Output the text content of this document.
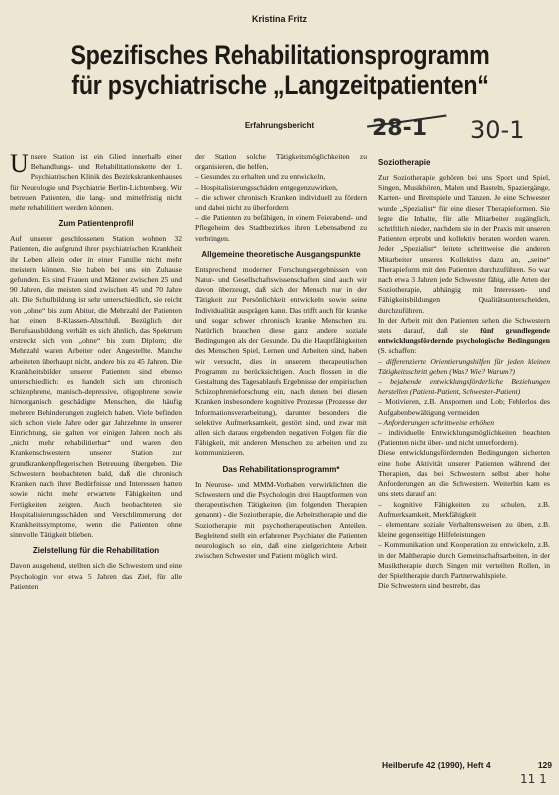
Kristina Fritz
Spezifisches Rehabilitationsprogramm
für psychiatrische „Langzeitpatienten“
Erfahrungsbericht	28-1 30-1

Unsere Station ist ein Glied innerhalb einer Behandlungs- und Rehabilitationskette der 1. Psychiatrischen Klinik des Bezirkskrankenhauses für Neurologie und Psychiatrie Berlin-Lichtenberg. Wir betreuen Patienten, die lang- und mittelfristig nicht mehr rehabilitiert werden können.

Zum Patientenprofil

Auf unserer geschlossenen Station wohnen 32 Patienten, die aufgrund ihrer psychiatrischen Krankheit ihr Leben allein oder in einer Familie nicht mehr meistern können. Sie haben bei uns ein Zuhause gefunden. Es sind Frauen und Männer zwischen 25 und 90 Jahren, die meisten sind zwischen 45 und 70 Jahre alt. Die Schulbildung ist sehr unterschiedlich, sie reicht von „ohne“ bis zum Abitur, die Mehrzahl der Patienten hat einen 8-Klassen-Abschluß. Bezüglich der Berufsausbildung verhält es sich ähnlich, das Spektrum erstreckt sich von „ohne“ bis zum Diplom; die Mehrzahl waren Arbeiter oder Angestellte. Manche arbeiteten überhaupt nicht, andere bis zu 45 Jahren. Die Krankheitsbilder unserer Patienten sind ebenso unterschiedlich: es handelt sich um chronisch schizophrene, manisch-depressive, oligophrene sowie hirnorganisch geschädigte Menschen, die häufig mehrere Behinderungen zugleich haben. Viele befinden sich schon viele Jahre oder gar Jahrzehnte in unserer Einrichtung, sie galten vor einigen Jahren noch als „nicht mehr rehabilitierbar“ und waren den Krankenschwestern unserer Station zur grundkrankenpflegerischen Betreuung übergeben. Die Schwestern beobachteten bald, daß die chronisch Kranken nach ihrer Bedürfnisse und Interessen hatten sowie nicht mehr erwartete Fähigkeiten und Fertigkeiten zeigten. Auch beobachteten sie Hospitalisierungsschäden und Verschlimmerung der Krankheitssymptome, wenn die Patienten ohne sinnvolle Tätigkeit blieben.

Zielstellung für die Rehabilitation

Davon ausgehend, stellten sich die Schwestern und eine Psychologin vor etwa 5 Jahren das Ziel, für alle Patienten

der Station solche Tätigkeitsmöglichkeiten zu organisieren, die helfen,

– Gesundes zu erhalten und zu entwickeln,

– Hospitalisierungsschäden entgegenzuwirken,

– die schwer chronisch Kranken individuell zu fördern und dabei nicht zu überfordern

– die Patienten zu befähigen, in einem Feierabend- und Pflegeheim des Stadtbezirkes ihren Lebensabend zu verbringen.

Allgemeine theoretische Ausgangspunkte

Entsprechend moderner Forschungsergebnissen von Natur- und Gesellschaftswissenschaften sind auch wir davon überzeugt, daß sich der Mensch nur in der Tätigkeit zur Persönlichkeit entwickeln sowie seine Individualität ausprägen kann. Das trifft auch für kranke und sogar schwer chronisch kranke Menschen zu. Natürlich brauchen diese ganz andere soziale Bedingungen als der Gesunde. Da die Hauptfähigkeiten des Menschen Spiel, Lernen und Arbeiten sind, haben wir versucht, dies in unserem therapeutischen Programm zu berücksichtigen. Auch flossen in die Gestaltung des Tagesablaufs Ergebnisse der empirischen Schizophrenieforschung ein, nach denen bei diesen Kranken insbesondere kognitive Prozesse (Prozesse der Informationsverarbeitung), darunter besonders die selektive Aufmerksamkeit, gestört sind, und zwar mit allen sich daraus ergebenden negativen Folgen für die Fähigkeit, mit anderen Menschen zu arbeiten und zu kommunizieren.

Das Rehabilitationsprogramm*

In Neurose- und MMM-Vorhaben verwirklichten die Schwestern und die Psychologin drei Hauptformen von therapeutischen Tätigkeiten (im folgenden Therapien genannt) - die Soziotherapie, die Arbeitstherapie und die Soziotherapie mit psychotherapeutischen Anteilen. Begleitend stellt ein erfahrener Psychiater die Patienten neurologisch so ein, daß eine zielgerichtete Arbeit zwischen Schwester und Patient möglich wird.

Soziotherapie

Zur Soziotherapie gehören bei uns Sport und Spiel, Singen, Musikhören, Malen und Basteln, Spaziergänge, Karten- und Brettspiele und Tanzen. Je eine Schwester wurde „Spezialist“ für eine dieser Therapieformen. Sie legte die Inhalte, für alle Mitarbeiter zugänglich, schriftlich nieder, nachdem sie in der Praxis mit unseren Patienten erprobt und kollektiv beraten worden waren. Jeder „Spezialist“ leitete schrittweise die anderen Mitarbeiter unseres Kollektivs dazu an, „seine“ Therapieform mit den Patienten durchzuführen. So war nach etwa 3 Jahren jede Schwester fähig, alle Arten der Soziotherapie, abhängig mit Interessen- und Fähigkeitsbildungen Qualitätsunterscheiden, durchzuführen.

In der Arbeit mit den Patienten sehen die Schwestern stets darauf, daß sie fünf grundlegende entwicklungsfördernde psychologische Bedingungen (S. schaffen:

– differenzierte Orientierungshilfen für jeden kleinen Tätigkeitsschritt geben (Was? Wie? Warum?)

– bejahende entwicklungsförderliche Beziehungen herstellen (Patient-Patient, Schwester-Patient)

– Motivieren, z.B. Anspornen und Lob; Fehlerlos des Aufgabenbewältigung vermeiden

– Anforderungen schrittweise erhöhen

– individuelle Entwicklungsmöglichkeiten beachten (Patienten nicht über- und nicht unterfordern).

Diese entwicklungsfördernden Bedingungen sicherten eine hohe Aktivität unserer Patienten während der Therapien, das bei Schwestern selbst aber hohe Anforderungen an die Schwestern. Weiterhin kam es uns stets darauf an:

– kognitive Fähigkeiten zu schulen, z.B. Aufmerksamkeit, Merkfähigkeit

– elementare soziale Verhaltensweisen zu üben, z.B. kleine gegenseitige Hilfeleistungen

– Kommunikation und Kooperation zu entwickeln, z.B. in der Maltherapie durch Gemeinschaftsarbeiten, in der Musiktherapie durch Singen mit verteilten Rollen, in der Spieltherapie durch Partnerwahlspiele.

Die Schwestern sind bestrebt, das

Heilberufe 42 (1990), Heft 4	129
11 1
